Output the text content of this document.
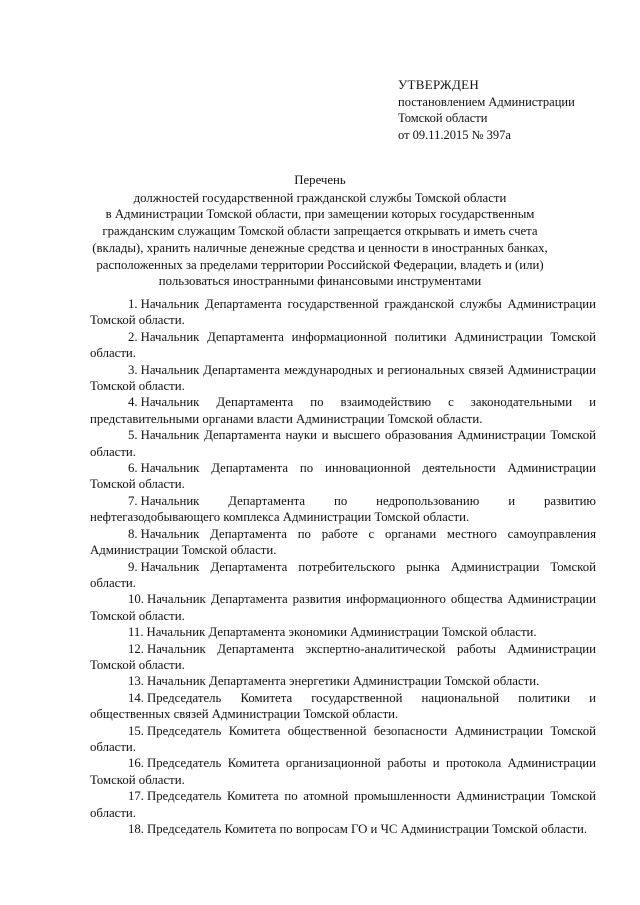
УТВЕРЖДЕН
постановлением Администрации
Томской области
от 09.11.2015 № 397а
Перечень
должностей государственной гражданской службы Томской области
в Администрации Томской области, при замещении которых государственным
гражданским служащим Томской области запрещается открывать и иметь счета
(вклады), хранить наличные денежные средства и ценности в иностранных банках,
расположенных за пределами территории Российской Федерации, владеть и (или)
пользоваться иностранными финансовыми инструментами

1. Начальник Департамента государственной гражданской службы Администрации Томской области.

2. Начальник Департамента информационной политики Администрации Томской области.

3. Начальник Департамента международных и региональных связей Администрации Томской области.

4. Начальник Департамента по взаимодействию с законодательными и представительными органами власти Администрации Томской области.

5. Начальник Департамента науки и высшего образования Администрации Томской области.

6. Начальник Департамента по инновационной деятельности Администрации Томской области.

7. Начальник Департамента по недропользованию и развитию нефтегазодобывающего комплекса Администрации Томской области.

8. Начальник Департамента по работе с органами местного самоуправления Администрации Томской области.

9. Начальник Департамента потребительского рынка Администрации Томской области.

10. Начальник Департамента развития информационного общества Администрации Томской области.

11. Начальник Департамента экономики Администрации Томской области.

12. Начальник Департамента экспертно-аналитической работы Администрации Томской области.

13. Начальник Департамента энергетики Администрации Томской области.

14. Председатель Комитета государственной национальной политики и общественных связей Администрации Томской области.

15. Председатель Комитета общественной безопасности Администрации Томской области.

16. Председатель Комитета организационной работы и протокола Администрации Томской области.

17. Председатель Комитета по атомной промышленности Администрации Томской области.

18. Председатель Комитета по вопросам ГО и ЧС Администрации Томской области.
